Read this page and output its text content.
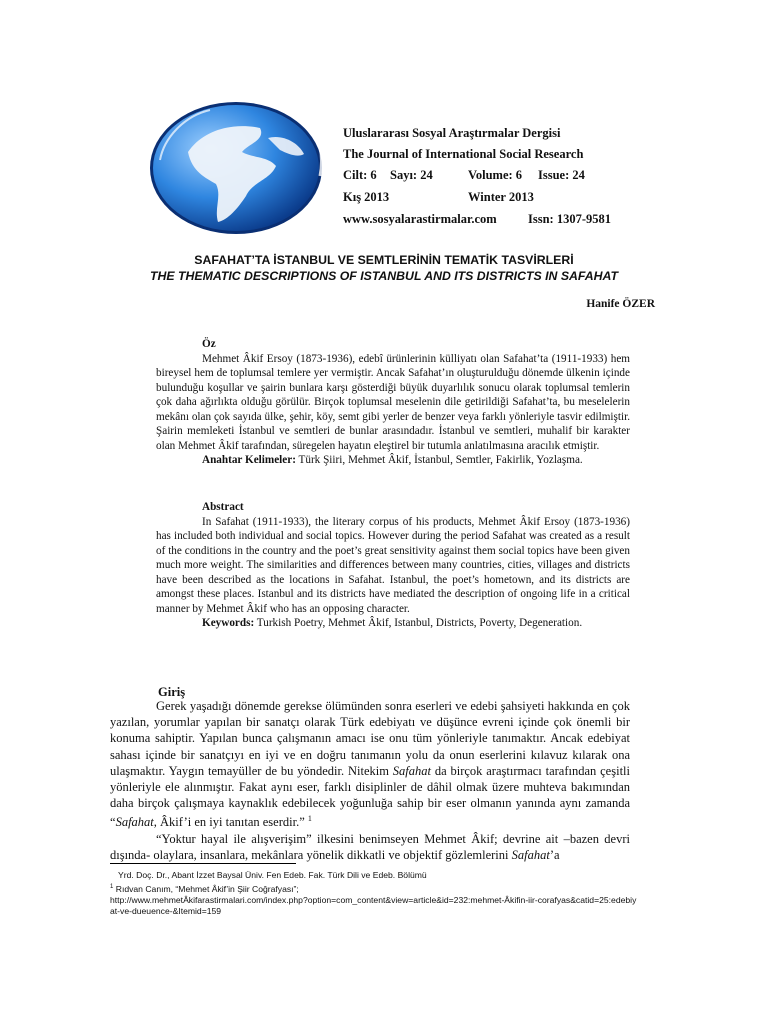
Uluslararası Sosyal Araştırmalar Dergisi
The Journal of International Social Research
Cilt: 6 Sayı: 24	Volume: 6 Issue: 24
Kış 2013	Winter 2013
www.sosyalarastirmalar.com	Issn: 1307-9581
SAFAHAT’TA İSTANBUL VE SEMTLERİNİN TEMATİK TASVİRLERİ
THE THEMATIC DESCRIPTIONS OF ISTANBUL AND ITS DISTRICTS IN SAFAHAT
Hanife ÖZER

Öz

Mehmet Âkif Ersoy (1873-1936), edebî ürünlerinin külliyatı olan Safahat’ta (1911-1933) hem bireysel hem de toplumsal temlere yer vermiştir. Ancak Safahat’ın oluşturulduğu dönemde ülkenin içinde bulunduğu koşullar ve şairin bunlara karşı gösterdiği büyük duyarlılık sonucu olarak toplumsal temlerin çok daha ağırlıkta olduğu görülür. Birçok toplumsal meselenin dile getirildiği Safahat’ta, bu meselelerin mekânı olan çok sayıda ülke, şehir, köy, semt gibi yerler de benzer veya farklı yönleriyle tasvir edilmiştir. Şairin memleketi İstanbul ve semtleri de bunlar arasındadır. İstanbul ve semtleri, muhalif bir karakter olan Mehmet Âkif tarafından, süregelen hayatın eleştirel bir tutumla anlatılmasına aracılık etmiştir.

Anahtar Kelimeler: Türk Şiiri, Mehmet Âkif, İstanbul, Semtler, Fakirlik, Yozlaşma.

Abstract

In Safahat (1911-1933), the literary corpus of his products, Mehmet Âkif Ersoy (1873-1936) has included both individual and social topics. However during the period Safahat was created as a result of the conditions in the country and the poet’s great sensitivity against them social topics have been given much more weight. The similarities and differences between many countries, cities, villages and districts have been described as the locations in Safahat. Istanbul, the poet’s hometown, and its districts are amongst these places. Istanbul and its districts have mediated the description of ongoing life in a critical manner by Mehmet Âkif who has an opposing character.

Keywords: Turkish Poetry, Mehmet Âkif, Istanbul, Districts, Poverty, Degeneration.

Giriş

Gerek yaşadığı dönemde gerekse ölümünden sonra eserleri ve edebi şahsiyeti hakkında en çok yazılan, yorumlar yapılan bir sanatçı olarak Türk edebiyatı ve düşünce evreni içinde çok önemli bir konuma sahiptir. Yapılan bunca çalışmanın amacı ise onu tüm yönleriyle tanımaktır. Ancak edebiyat sahası içinde bir sanatçıyı en iyi ve en doğru tanımanın yolu da onun eserlerini kılavuz kılarak ona ulaşmaktır. Yaygın temayüller de bu yöndedir. Nitekim Safahat da birçok araştırmacı tarafından çeşitli yönleriyle ele alınmıştır. Fakat aynı eser, farklı disiplinler de dâhil olmak üzere muhteva bakımından daha birçok çalışmaya kaynaklık edebilecek yoğunluğa sahip bir eser olmanın yanında aynı zamanda “Safahat, Âkif’i en iyi tanıtan eserdir.” $^1$

“Yoktur hayal ile alışverişim” ilkesini benimseyen Mehmet Âkif; devrine ait –bazen devri dışında- olaylara, insanlara, mekânlara yönelik dikkatli ve objektif gözlemlerini Safahat’a

Yrd. Doç. Dr., Abant İzzet Baysal Üniv. Fen Edeb. Fak. Türk Dili ve Edeb. Bölümü

$^1$ Rıdvan Canım, “Mehmet Âkif’in Şiir Coğrafyası”;

http://www.mehmetÂkifarastirmalari.com/index.php?option=com_content&view=article&id=232:mehmet-Âkifin-iir-corafyas&catid=25:edebiyat-ve-dueuence-&Itemid=159
